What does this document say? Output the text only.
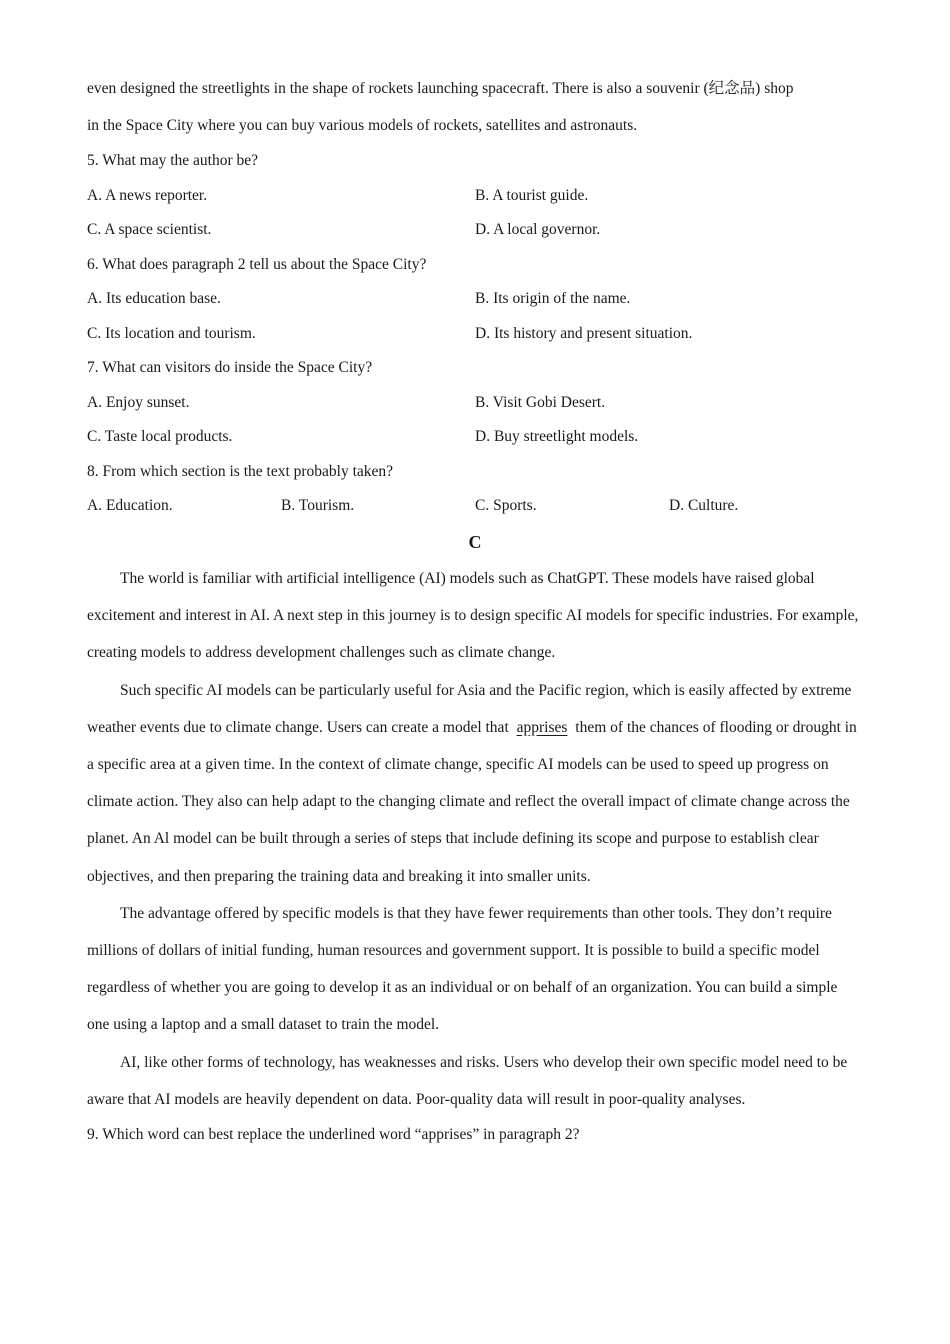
even designed the streetlights in the shape of rockets launching spacecraft. There is also a souvenir (纪念品) shop
in the Space City where you can buy various models of rockets, satellites and astronauts.

5. What may the author be?

A. A news reporter.	B. A tourist guide.
C. A space scientist.	D. A local governor.

6. What does paragraph 2 tell us about the Space City?

A. Its education base.	B. Its origin of the name.
C. Its location and tourism.	D. Its history and present situation.

7. What can visitors do inside the Space City?

A. Enjoy sunset.	B. Visit Gobi Desert.
C. Taste local products.	D. Buy streetlight models.

8. From which section is the text probably taken?

A. Education.	B. Tourism.	C. Sports.	D. Culture.

C

The world is familiar with artificial intelligence (AI) models such as ChatGPT. These models have raised global excitement and interest in AI. A next step in this journey is to design specific AI models for specific industries. For example, creating models to address development challenges such as climate change.

Such specific AI models can be particularly useful for Asia and the Pacific region, which is easily affected by extreme weather events due to climate change. Users can create a model that apprises them of the chances of flooding or drought in a specific area at a given time. In the context of climate change, specific AI models can be used to speed up progress on climate action. They also can help adapt to the changing climate and reflect the overall impact of climate change across the planet. An Al model can be built through a series of steps that include defining its scope and purpose to establish clear objectives, and then preparing the training data and breaking it into smaller units.

The advantage offered by specific models is that they have fewer requirements than other tools. They don’t require millions of dollars of initial funding, human resources and government support. It is possible to build a specific model regardless of whether you are going to develop it as an individual or on behalf of an organization. You can build a simple one using a laptop and a small dataset to train the model.

AI, like other forms of technology, has weaknesses and risks. Users who develop their own specific model need to be aware that AI models are heavily dependent on data. Poor-quality data will result in poor-quality analyses.

9. Which word can best replace the underlined word “apprises” in paragraph 2?
